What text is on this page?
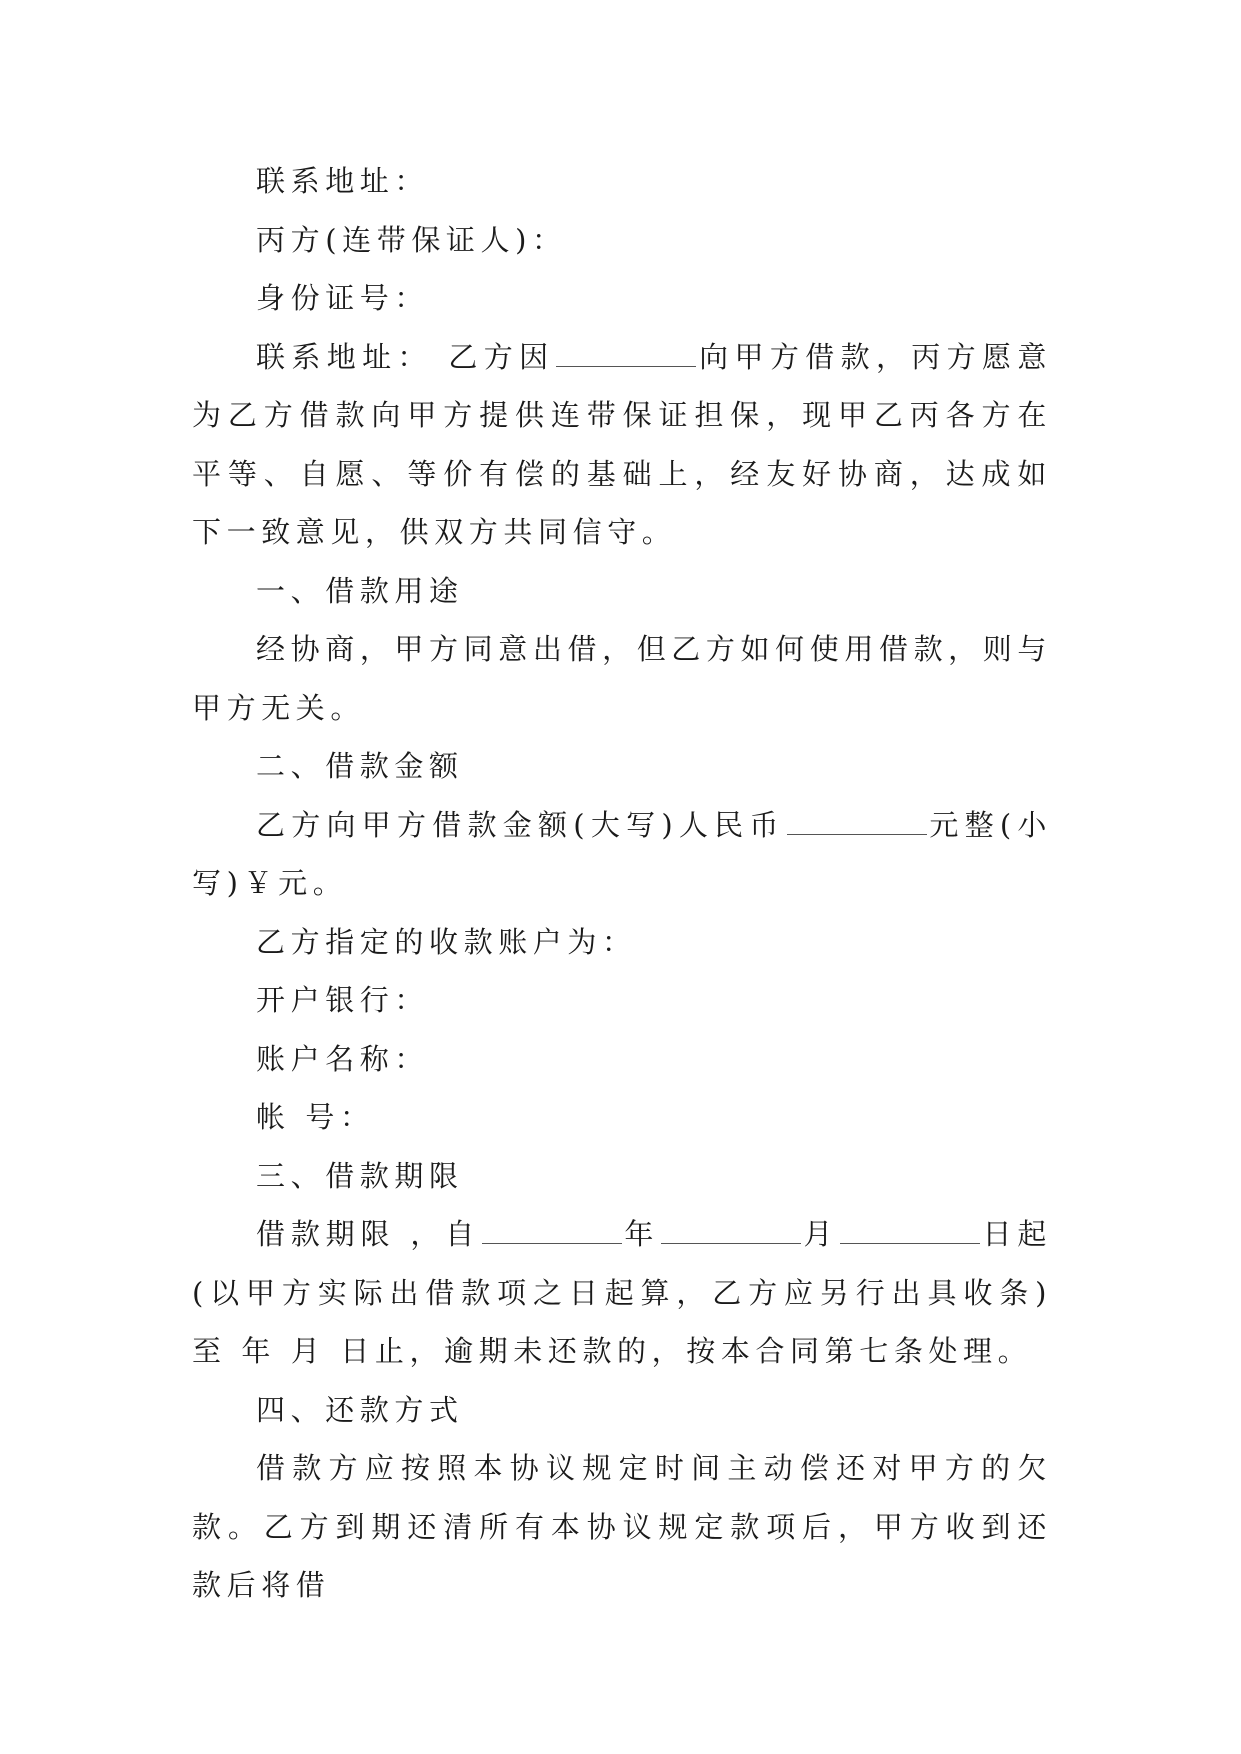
联系地址：

丙方(连带保证人)：

身份证号：

联系地址： 乙方因	向甲方借款，丙方愿意为乙方借款向甲方提供连带保证担保，现甲乙丙各方在平等、自愿、等价有偿的基础上，经友好协商，达成如下一致意见，供双方共同信守。

一、借款用途

经协商，甲方同意出借，但乙方如何使用借款，则与甲方无关。

二、借款金额

乙方向甲方借款金额(大写)人民币	元整(小写)￥元。

乙方指定的收款账户为：

开户银行：

账户名称：

帐 号：

三、借款期限

借款期限 ，自	年	月	日起(以甲方实际出借款项之日起算，乙方应另行出具收条)至 年 月 日止，逾期未还款的，按本合同第七条处理。

四、还款方式

借款方应按照本协议规定时间主动偿还对甲方的欠款。乙方到期还清所有本协议规定款项后，甲方收到还款后将借
